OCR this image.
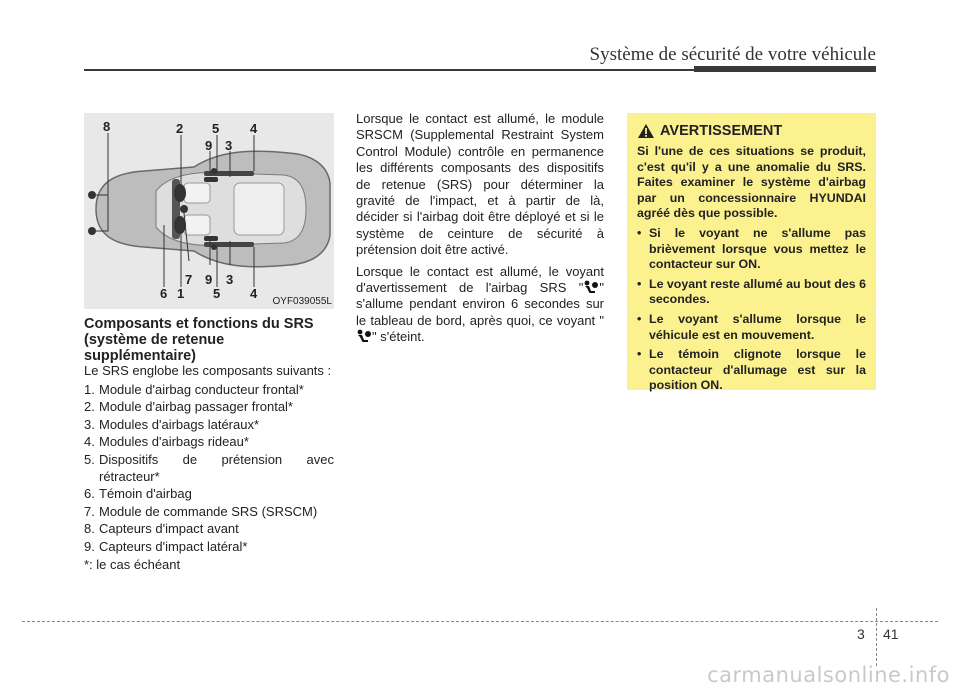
Système de sécurité de votre véhicule
8	2 5 4
9 3
6 1
7 9
5
3
4
OYF039055L
Composants et fonctions du SRS (système de retenue supplémentaire)

Le SRS englobe les composants suivants :

1. Module d'airbag conducteur frontal*
2. Module d'airbag passager frontal*
3. Modules d'airbags latéraux*
4. Modules d'airbags rideau*
5. Dispositifs de prétension avec rétracteur*
6. Témoin d'airbag
7. Module de commande SRS (SRSCM)
8. Capteurs d'impact avant
9. Capteurs d'impact latéral*

*: le cas échéant

Lorsque le contact est allumé, le module SRSCM (Supplemental Restraint System Control Module) contrôle en permanence les différents composants des dispositifs de retenue (SRS) pour déterminer la gravité de l'impact, et à partir de là, décider si l'airbag doit être déployé et si le système de ceinture de sécurité à prétension doit être activé.

Lorsque le contact est allumé, le voyant d'avertissement de l'airbag SRS " " s'allume pendant environ 6 secondes sur le tableau de bord, après quoi, ce voyant "" s'éteint.

AVERTISSEMENT

Si l'une de ces situations se produit, c'est qu'il y a une anomalie du SRS. Faites examiner le système d'airbag par un concessionnaire HYUNDAI agréé dès que possible.

• Si le voyant ne s'allume pas brièvement lorsque vous mettez le contacteur sur ON.
• Le voyant reste allumé au bout des 6 secondes.
• Le voyant s'allume lorsque le véhicule est en mouvement.
• Le témoin clignote lorsque le contacteur d'allumage est sur la position ON.
3 41
carmanualsonline.info
